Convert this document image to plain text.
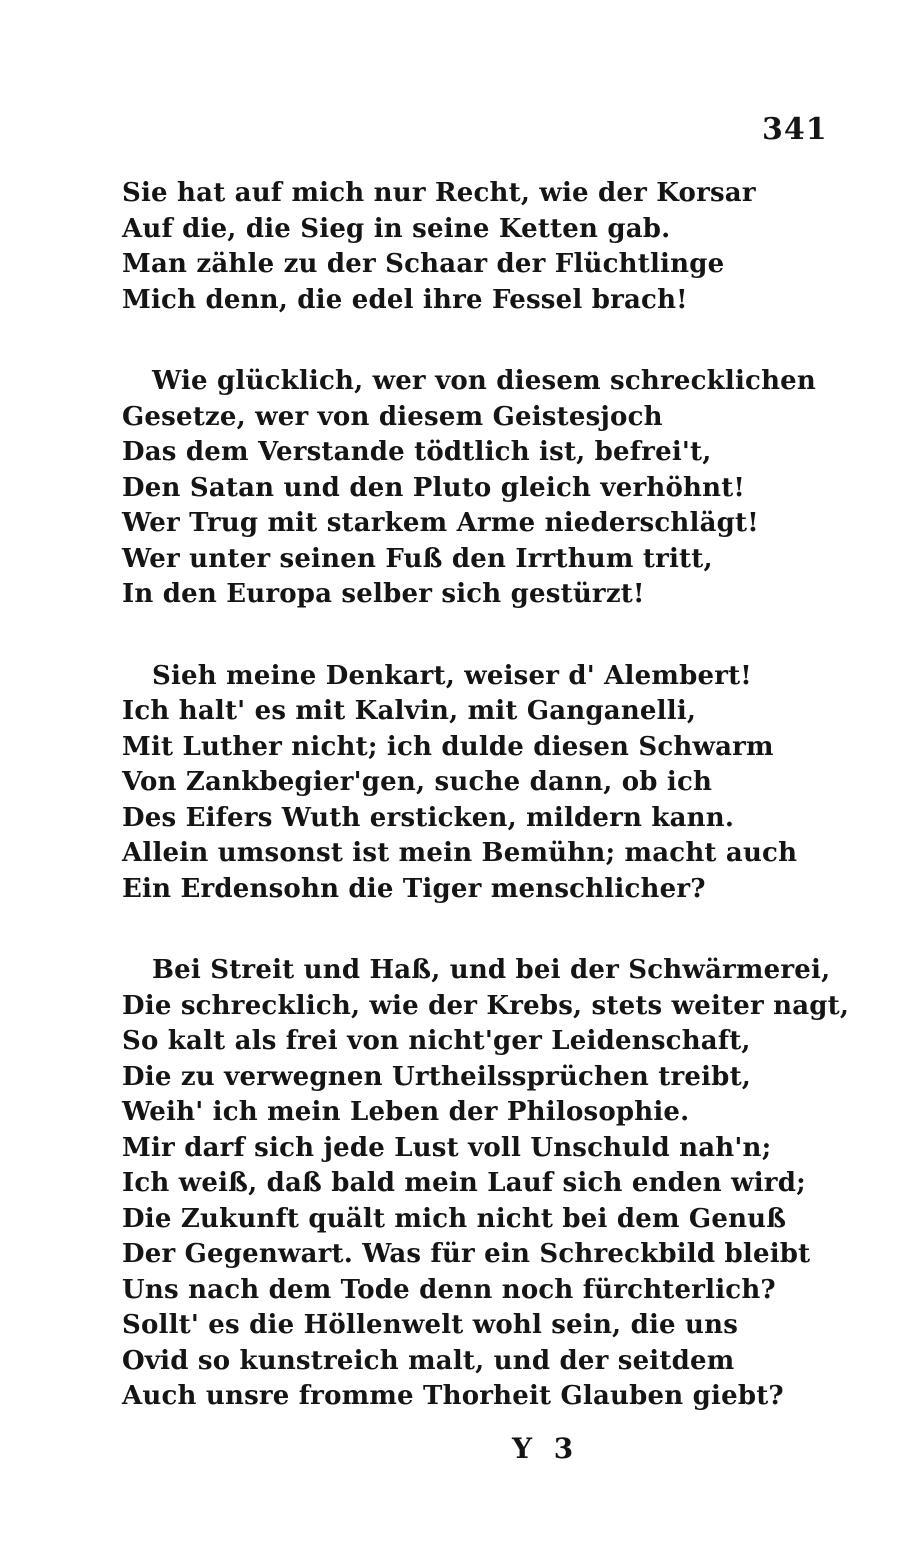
341
Sie hat auf mich nur Recht, wie der Korsar
Auf die, die Sieg in seine Ketten gab.
Man zähle zu der Schaar der Flüchtlinge
Mich denn, die edel ihre Fessel brach!
Wie glücklich, wer von diesem schrecklichen
Gesetze, wer von diesem Geistesjoch
Das dem Verstande tödtlich ist, befrei't,
Den Satan und den Pluto gleich verhöhnt!
Wer Trug mit starkem Arme niederschlägt!
Wer unter seinen Fuß den Irrthum tritt,
In den Europa selber sich gestürzt!
Sieh meine Denkart, weiser d' Alembert!
Ich halt' es mit Kalvin, mit Ganganelli,
Mit Luther nicht; ich dulde diesen Schwarm
Von Zankbegier'gen, suche dann, ob ich
Des Eifers Wuth ersticken, mildern kann.
Allein umsonst ist mein Bemühn; macht auch
Ein Erdensohn die Tiger menschlicher?
Bei Streit und Haß, und bei der Schwärmerei,
Die schrecklich, wie der Krebs, stets weiter nagt,
So kalt als frei von nicht'ger Leidenschaft,
Die zu verwegnen Urtheilssprüchen treibt,
Weih' ich mein Leben der Philosophie.
Mir darf sich jede Lust voll Unschuld nah'n;
Ich weiß, daß bald mein Lauf sich enden wird;
Die Zukunft quält mich nicht bei dem Genuß
Der Gegenwart. Was für ein Schreckbild bleibt
Uns nach dem Tode denn noch fürchterlich?
Sollt' es die Höllenwelt wohl sein, die uns
Ovid so kunstreich malt, und der seitdem
Auch unsre fromme Thorheit Glauben giebt?
Y 3
